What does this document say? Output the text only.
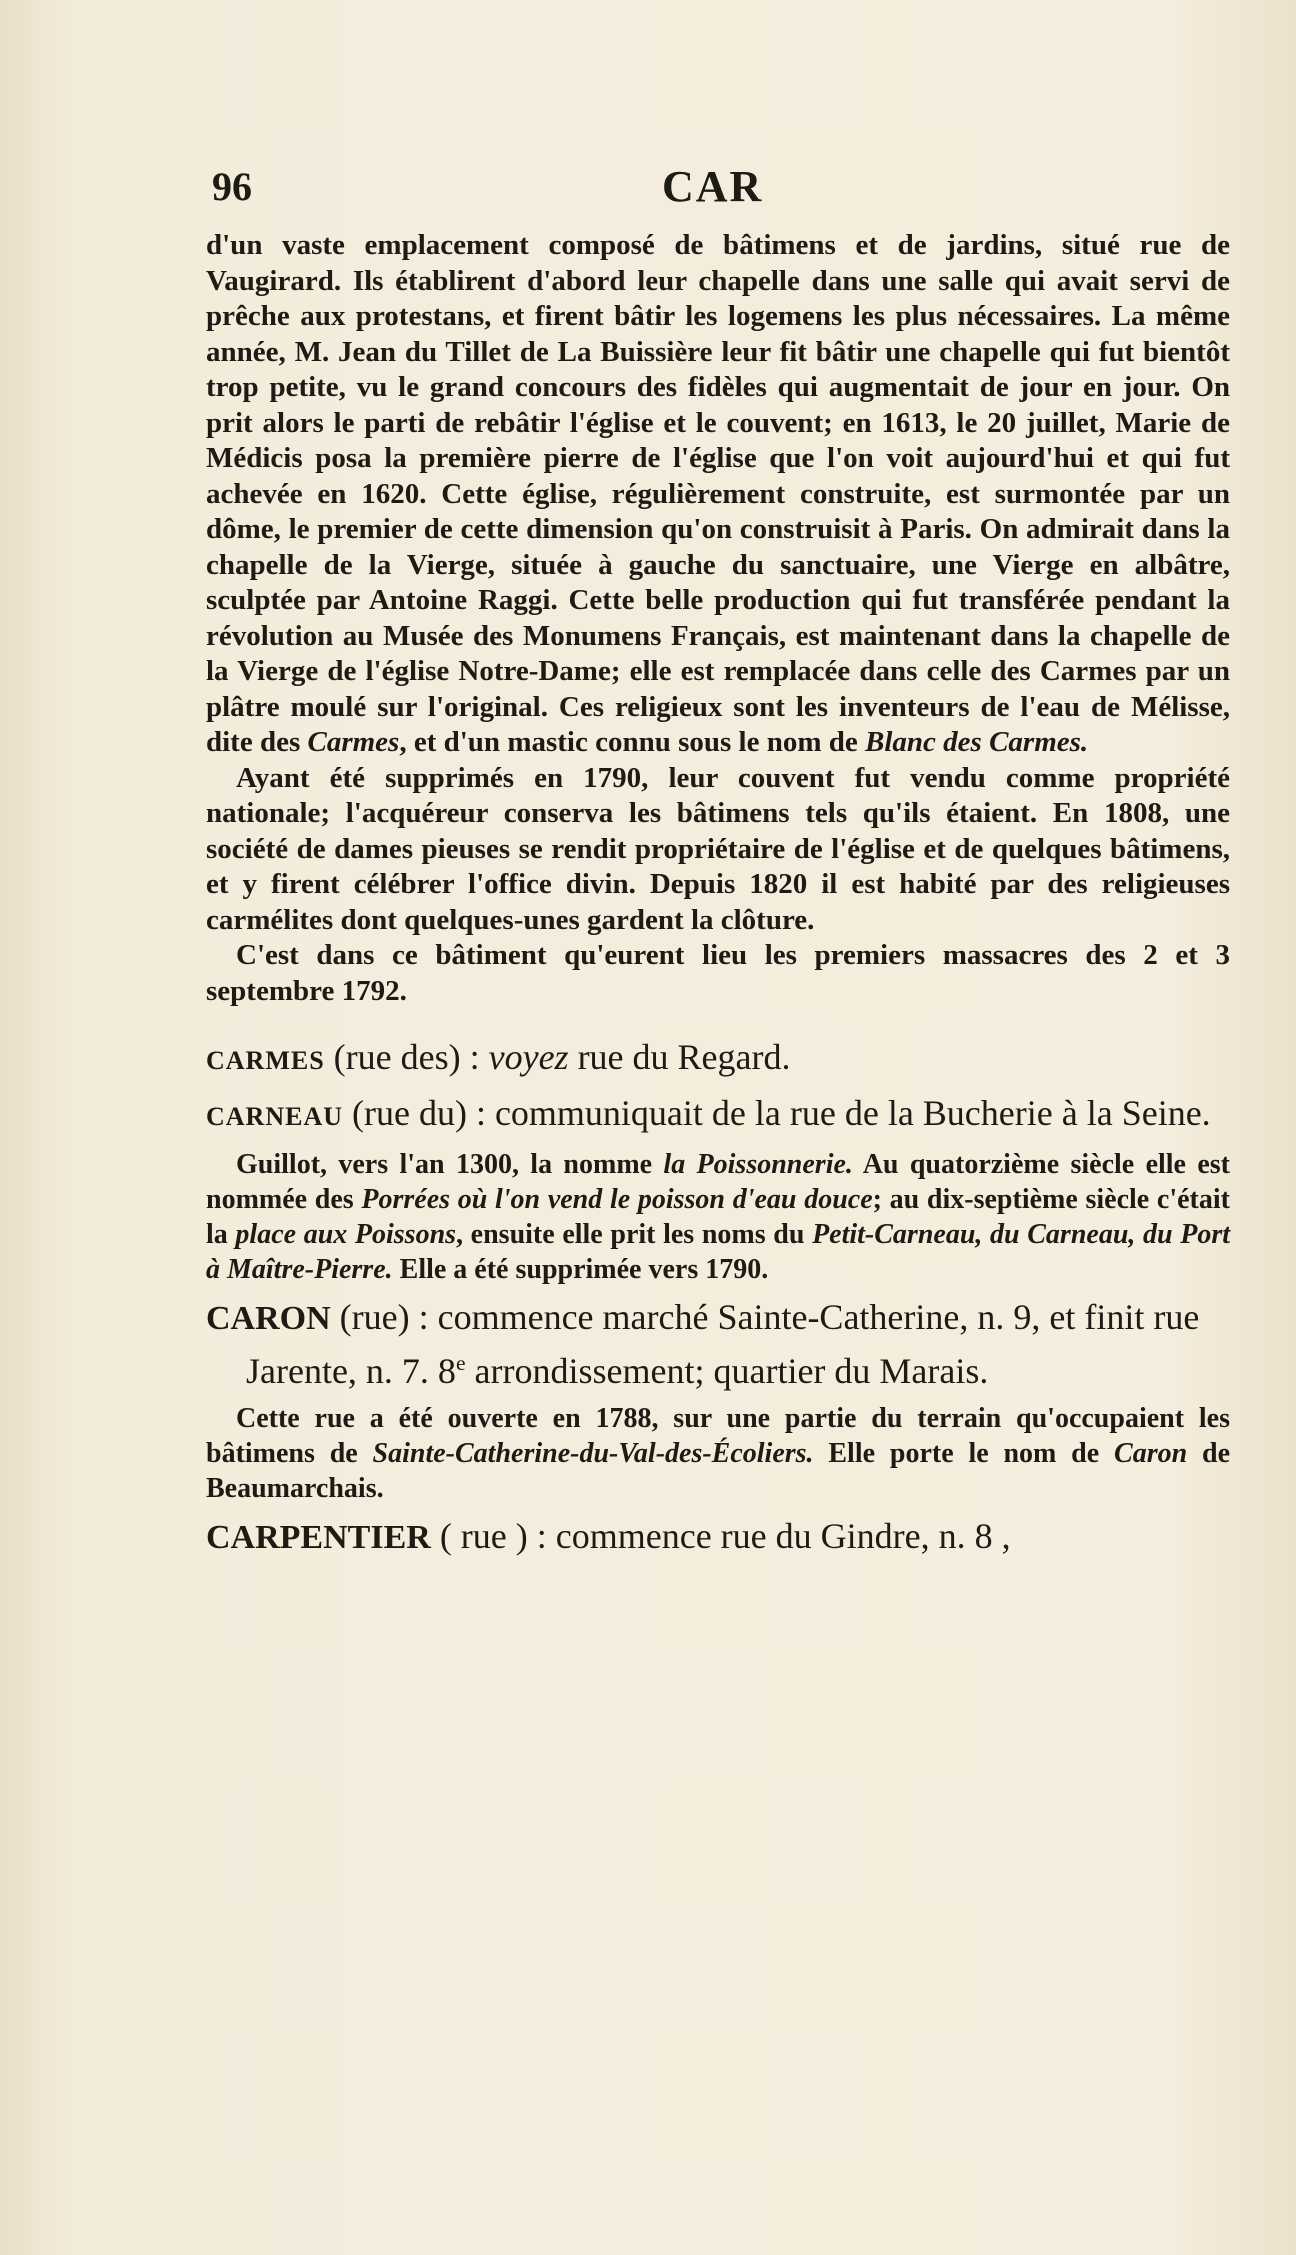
96	CAR

d'un vaste emplacement composé de bâtimens et de jardins, situé rue de Vaugirard. Ils établirent d'abord leur chapelle dans une salle qui avait servi de prêche aux protestans, et firent bâtir les logemens les plus nécessaires. La même année, M. Jean du Tillet de La Buissière leur fit bâtir une chapelle qui fut bientôt trop petite, vu le grand concours des fidèles qui augmentait de jour en jour. On prit alors le parti de rebâtir l'église et le couvent; en 1613, le 20 juillet, Marie de Médicis posa la première pierre de l'église que l'on voit aujourd'hui et qui fut achevée en 1620. Cette église, régulièrement construite, est surmontée par un dôme, le premier de cette dimension qu'on construisit à Paris. On admirait dans la chapelle de la Vierge, située à gauche du sanctuaire, une Vierge en albâtre, sculptée par Antoine Raggi. Cette belle production qui fut transférée pendant la révolution au Musée des Monumens Français, est maintenant dans la chapelle de la Vierge de l'église Notre-Dame; elle est remplacée dans celle des Carmes par un plâtre moulé sur l'original. Ces religieux sont les inventeurs de l'eau de Mélisse, dite des Carmes, et d'un mastic connu sous le nom de Blanc des Carmes.

Ayant été supprimés en 1790, leur couvent fut vendu comme propriété nationale; l'acquéreur conserva les bâtimens tels qu'ils étaient. En 1808, une société de dames pieuses se rendit propriétaire de l'église et de quelques bâtimens, et y firent célébrer l'office divin. Depuis 1820 il est habité par des religieuses carmélites dont quelques-unes gardent la clôture.

C'est dans ce bâtiment qu'eurent lieu les premiers massacres des 2 et 3 septembre 1792.

CARMES (rue des) : voyez rue du Regard.

CARNEAU (rue du) : communiquait de la rue de la Bucherie à la Seine.

Guillot, vers l'an 1300, la nomme la Poissonnerie. Au quatorzième siècle elle est nommée des Porrées où l'on vend le poisson d'eau douce; au dix-septième siècle c'était la place aux Poissons, ensuite elle prit les noms du Petit-Carneau, du Carneau, du Port à Maître-Pierre. Elle a été supprimée vers 1790.

CARON (rue) : commence marché Sainte-Catherine, n. 9, et finit rue Jarente, n. 7. 8e arrondissement; quartier du Marais.

Cette rue a été ouverte en 1788, sur une partie du terrain qu'occupaient les bâtimens de Sainte-Catherine-du-Val-des-Écoliers. Elle porte le nom de Caron de Beaumarchais.

CARPENTIER ( rue ) : commence rue du Gindre, n. 8 ,
